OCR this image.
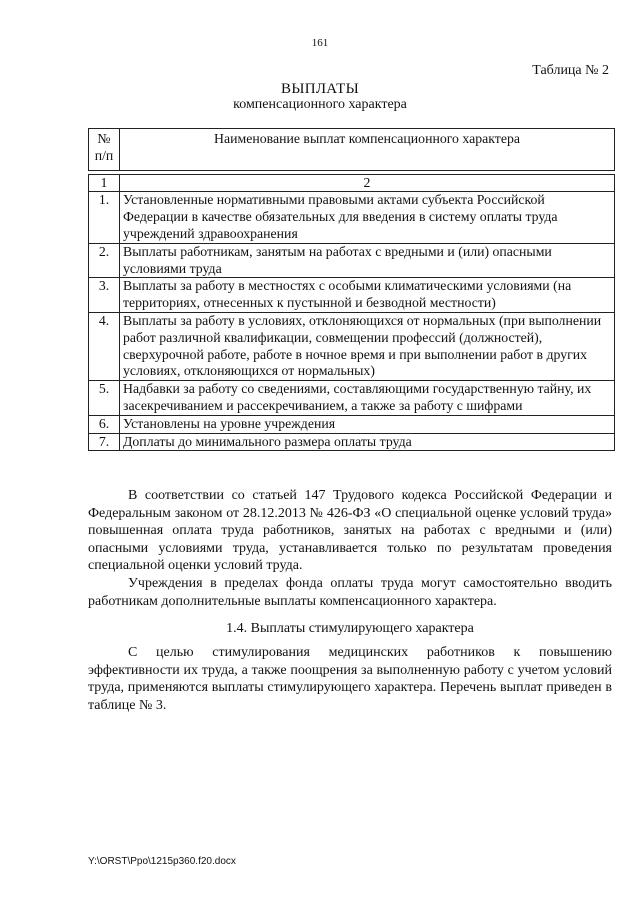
161
Таблица № 2
ВЫПЛАТЫ
компенсационного характера
№ п/п	Наименование выплат компенсационного характера

1	2
1.	Установленные нормативными правовыми актами субъекта Российской Федерации в качестве обязательных для введения в систему оплаты труда учреждений здравоохранения
2.	Выплаты работникам, занятым на работах с вредными и (или) опасными условиями труда
3.	Выплаты за работу в местностях с особыми климатическими условиями (на территориях, отнесенных к пустынной и безводной местности)
4.	Выплаты за работу в условиях, отклоняющихся от нормальных (при выполнении работ различной квалификации, совмещении профессий (должностей), сверхурочной работе, работе в ночное время и при выполнении работ в других условиях, отклоняющихся от нормальных)
5.	Надбавки за работу со сведениями, составляющими государственную тайну, их засекречиванием и рассекречиванием, а также за работу с шифрами
6.	Установлены на уровне учреждения
7.	Доплаты до минимального размера оплаты труда

В соответствии со статьей 147 Трудового кодекса Российской Федерации и Федеральным законом от 28.12.2013 № 426-ФЗ «О специальной оценке условий труда» повышенная оплата труда работников, занятых на работах с вредными и (или) опасными условиями труда, устанавливается только по результатам проведения специальной оценки условий труда.

Учреждения в пределах фонда оплаты труда могут самостоятельно вводить работникам дополнительные выплаты компенсационного характера.

1.4. Выплаты стимулирующего характера

С целью стимулирования медицинских работников к повышению эффективности их труда, а также поощрения за выполненную работу с учетом условий труда, применяются выплаты стимулирующего характера. Перечень выплат приведен в таблице № 3.

Y:\ORST\Ppo\1215p360.f20.docx
